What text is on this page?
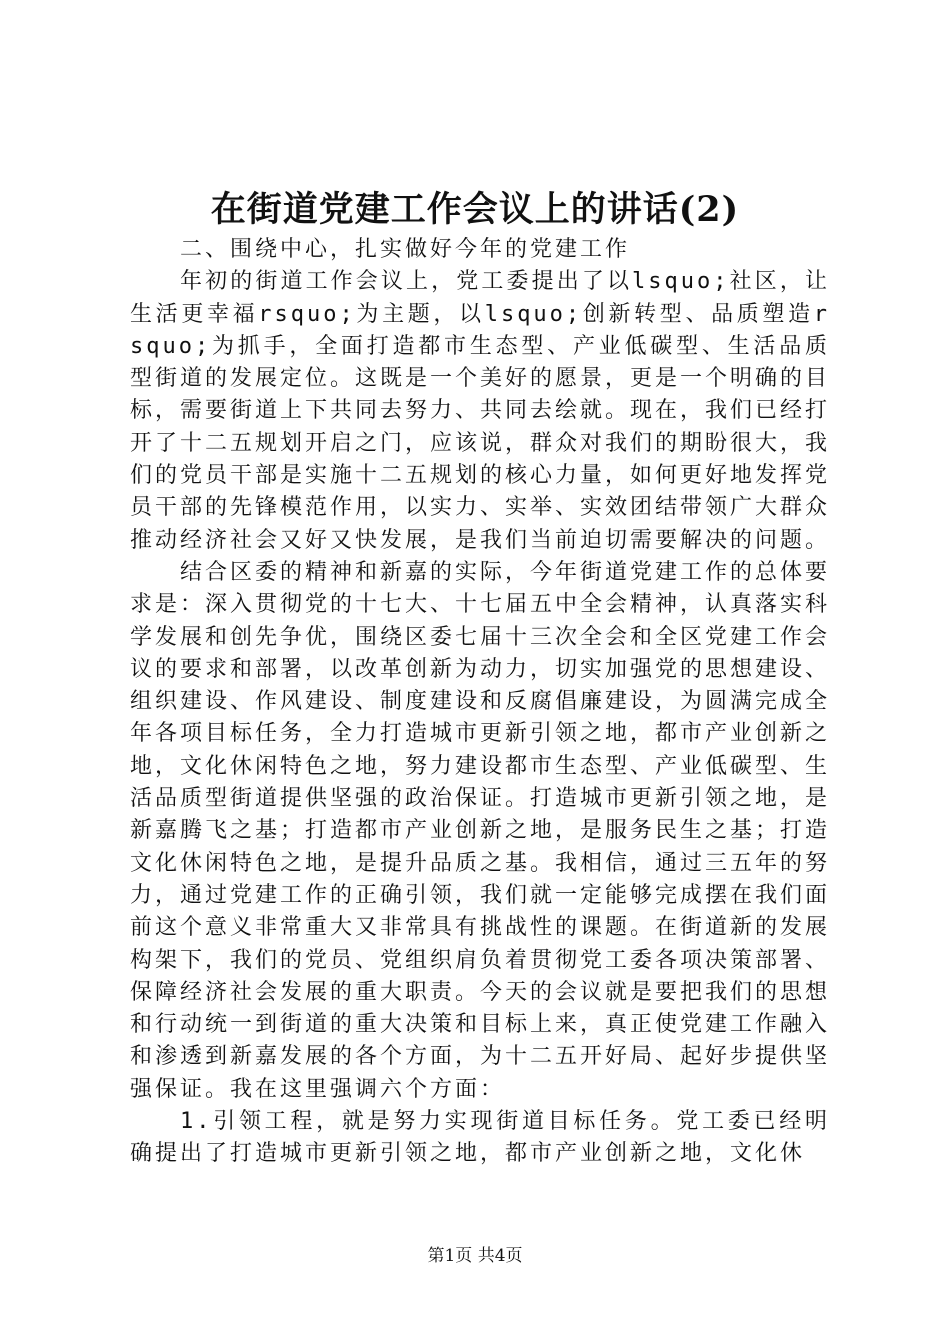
在街道党建工作会议上的讲话(2)

二、围绕中心，扎实做好今年的党建工作

年初的街道工作会议上，党工委提出了以lsquo;社区，让生活更幸福rsquo;为主题，以lsquo;创新转型、品质塑造rsquo;为抓手，全面打造都市生态型、产业低碳型、生活品质型街道的发展定位。这既是一个美好的愿景，更是一个明确的目标，需要街道上下共同去努力、共同去绘就。现在，我们已经打开了十二五规划开启之门，应该说，群众对我们的期盼很大，我们的党员干部是实施十二五规划的核心力量，如何更好地发挥党员干部的先锋模范作用，以实力、实举、实效团结带领广大群众推动经济社会又好又快发展，是我们当前迫切需要解决的问题。

结合区委的精神和新嘉的实际，今年街道党建工作的总体要求是：深入贯彻党的十七大、十七届五中全会精神，认真落实科学发展和创先争优，围绕区委七届十三次全会和全区党建工作会议的要求和部署，以改革创新为动力，切实加强党的思想建设、组织建设、作风建设、制度建设和反腐倡廉建设，为圆满完成全年各项目标任务，全力打造城市更新引领之地，都市产业创新之地，文化休闲特色之地，努力建设都市生态型、产业低碳型、生活品质型街道提供坚强的政治保证。打造城市更新引领之地，是新嘉腾飞之基；打造都市产业创新之地，是服务民生之基；打造文化休闲特色之地，是提升品质之基。我相信，通过三五年的努力，通过党建工作的正确引领，我们就一定能够完成摆在我们面前这个意义非常重大又非常具有挑战性的课题。在街道新的发展构架下，我们的党员、党组织肩负着贯彻党工委各项决策部署、保障经济社会发展的重大职责。今天的会议就是要把我们的思想和行动统一到街道的重大决策和目标上来，真正使党建工作融入和渗透到新嘉发展的各个方面，为十二五开好局、起好步提供坚强保证。我在这里强调六个方面：

1.引领工程，就是努力实现街道目标任务。党工委已经明确提出了打造城市更新引领之地，都市产业创新之地，文化休

第1页 共4页
